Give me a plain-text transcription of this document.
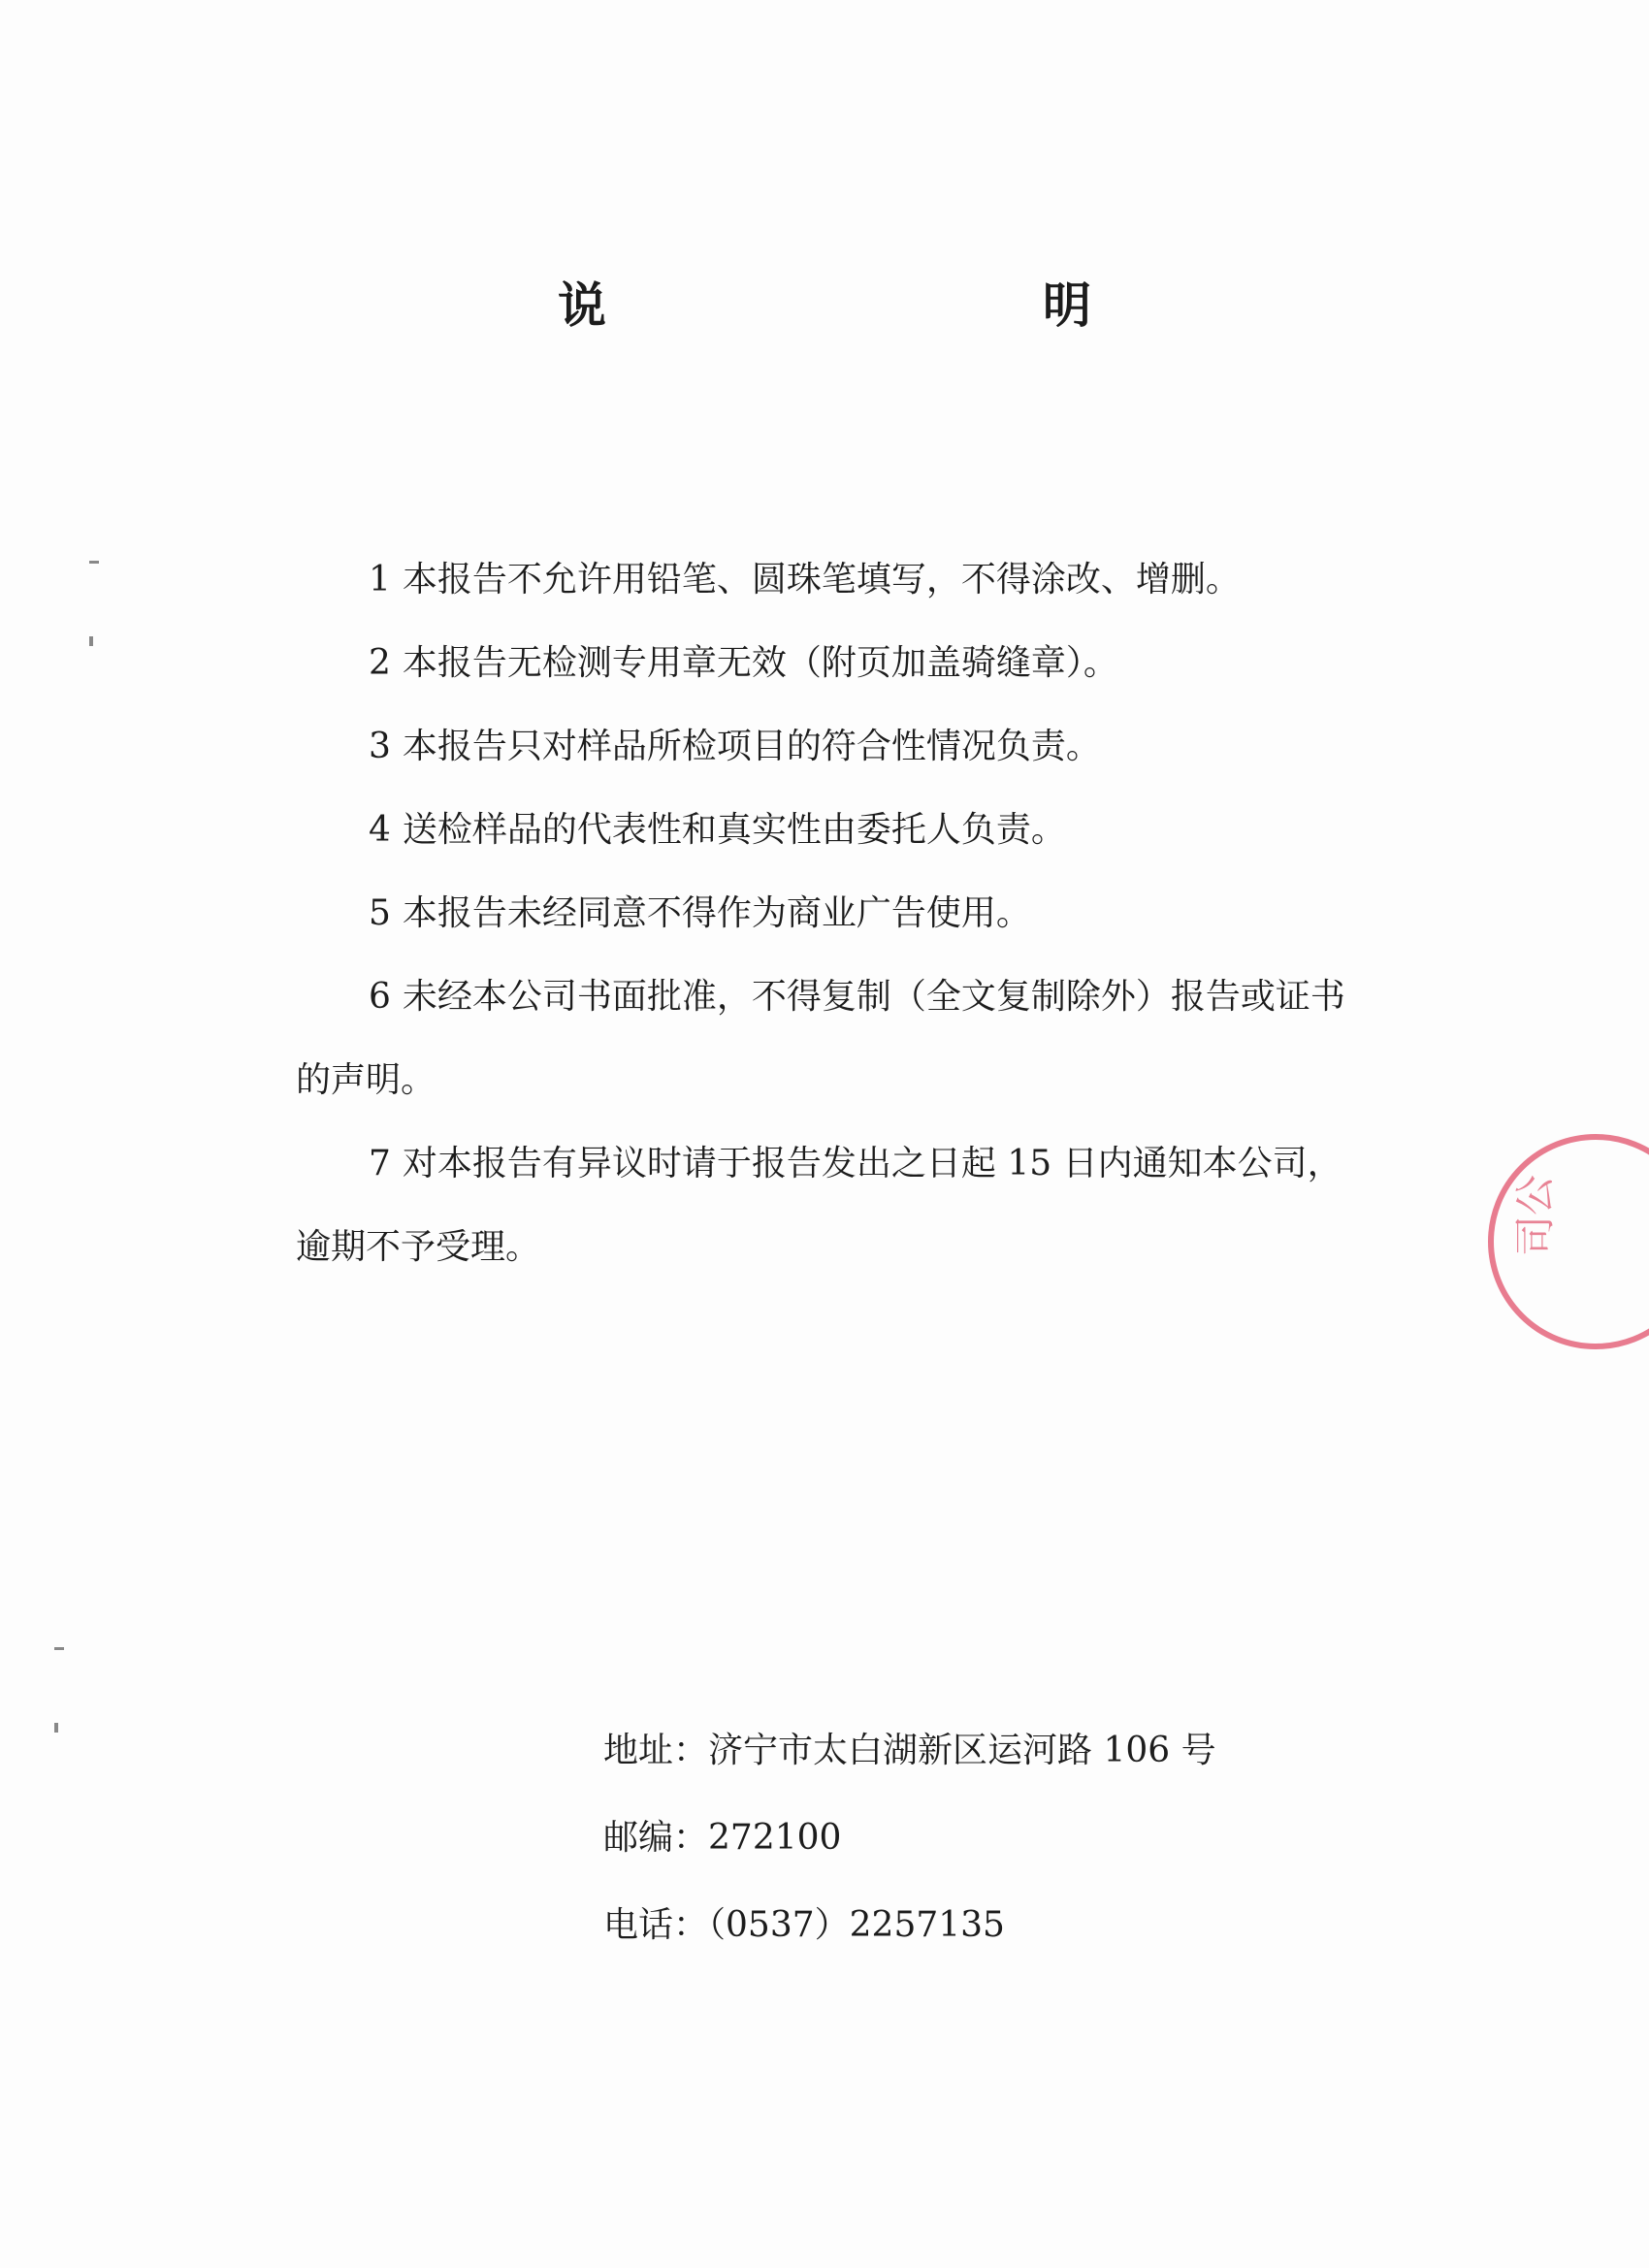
说　明

1 本报告不允许用铅笔、圆珠笔填写，不得涂改、增删。

2 本报告无检测专用章无效（附页加盖骑缝章）。

3 本报告只对样品所检项目的符合性情况负责。

4 送检样品的代表性和真实性由委托人负责。

5 本报告未经同意不得作为商业广告使用。

6 未经本公司书面批准，不得复制（全文复制除外）报告或证书的声明。

7 对本报告有异议时请于报告发出之日起 15 日内通知本公司，逾期不予受理。

地址：济宁市太白湖新区运河路 106 号
邮编：272100
电话：（0537）2257135
司公
